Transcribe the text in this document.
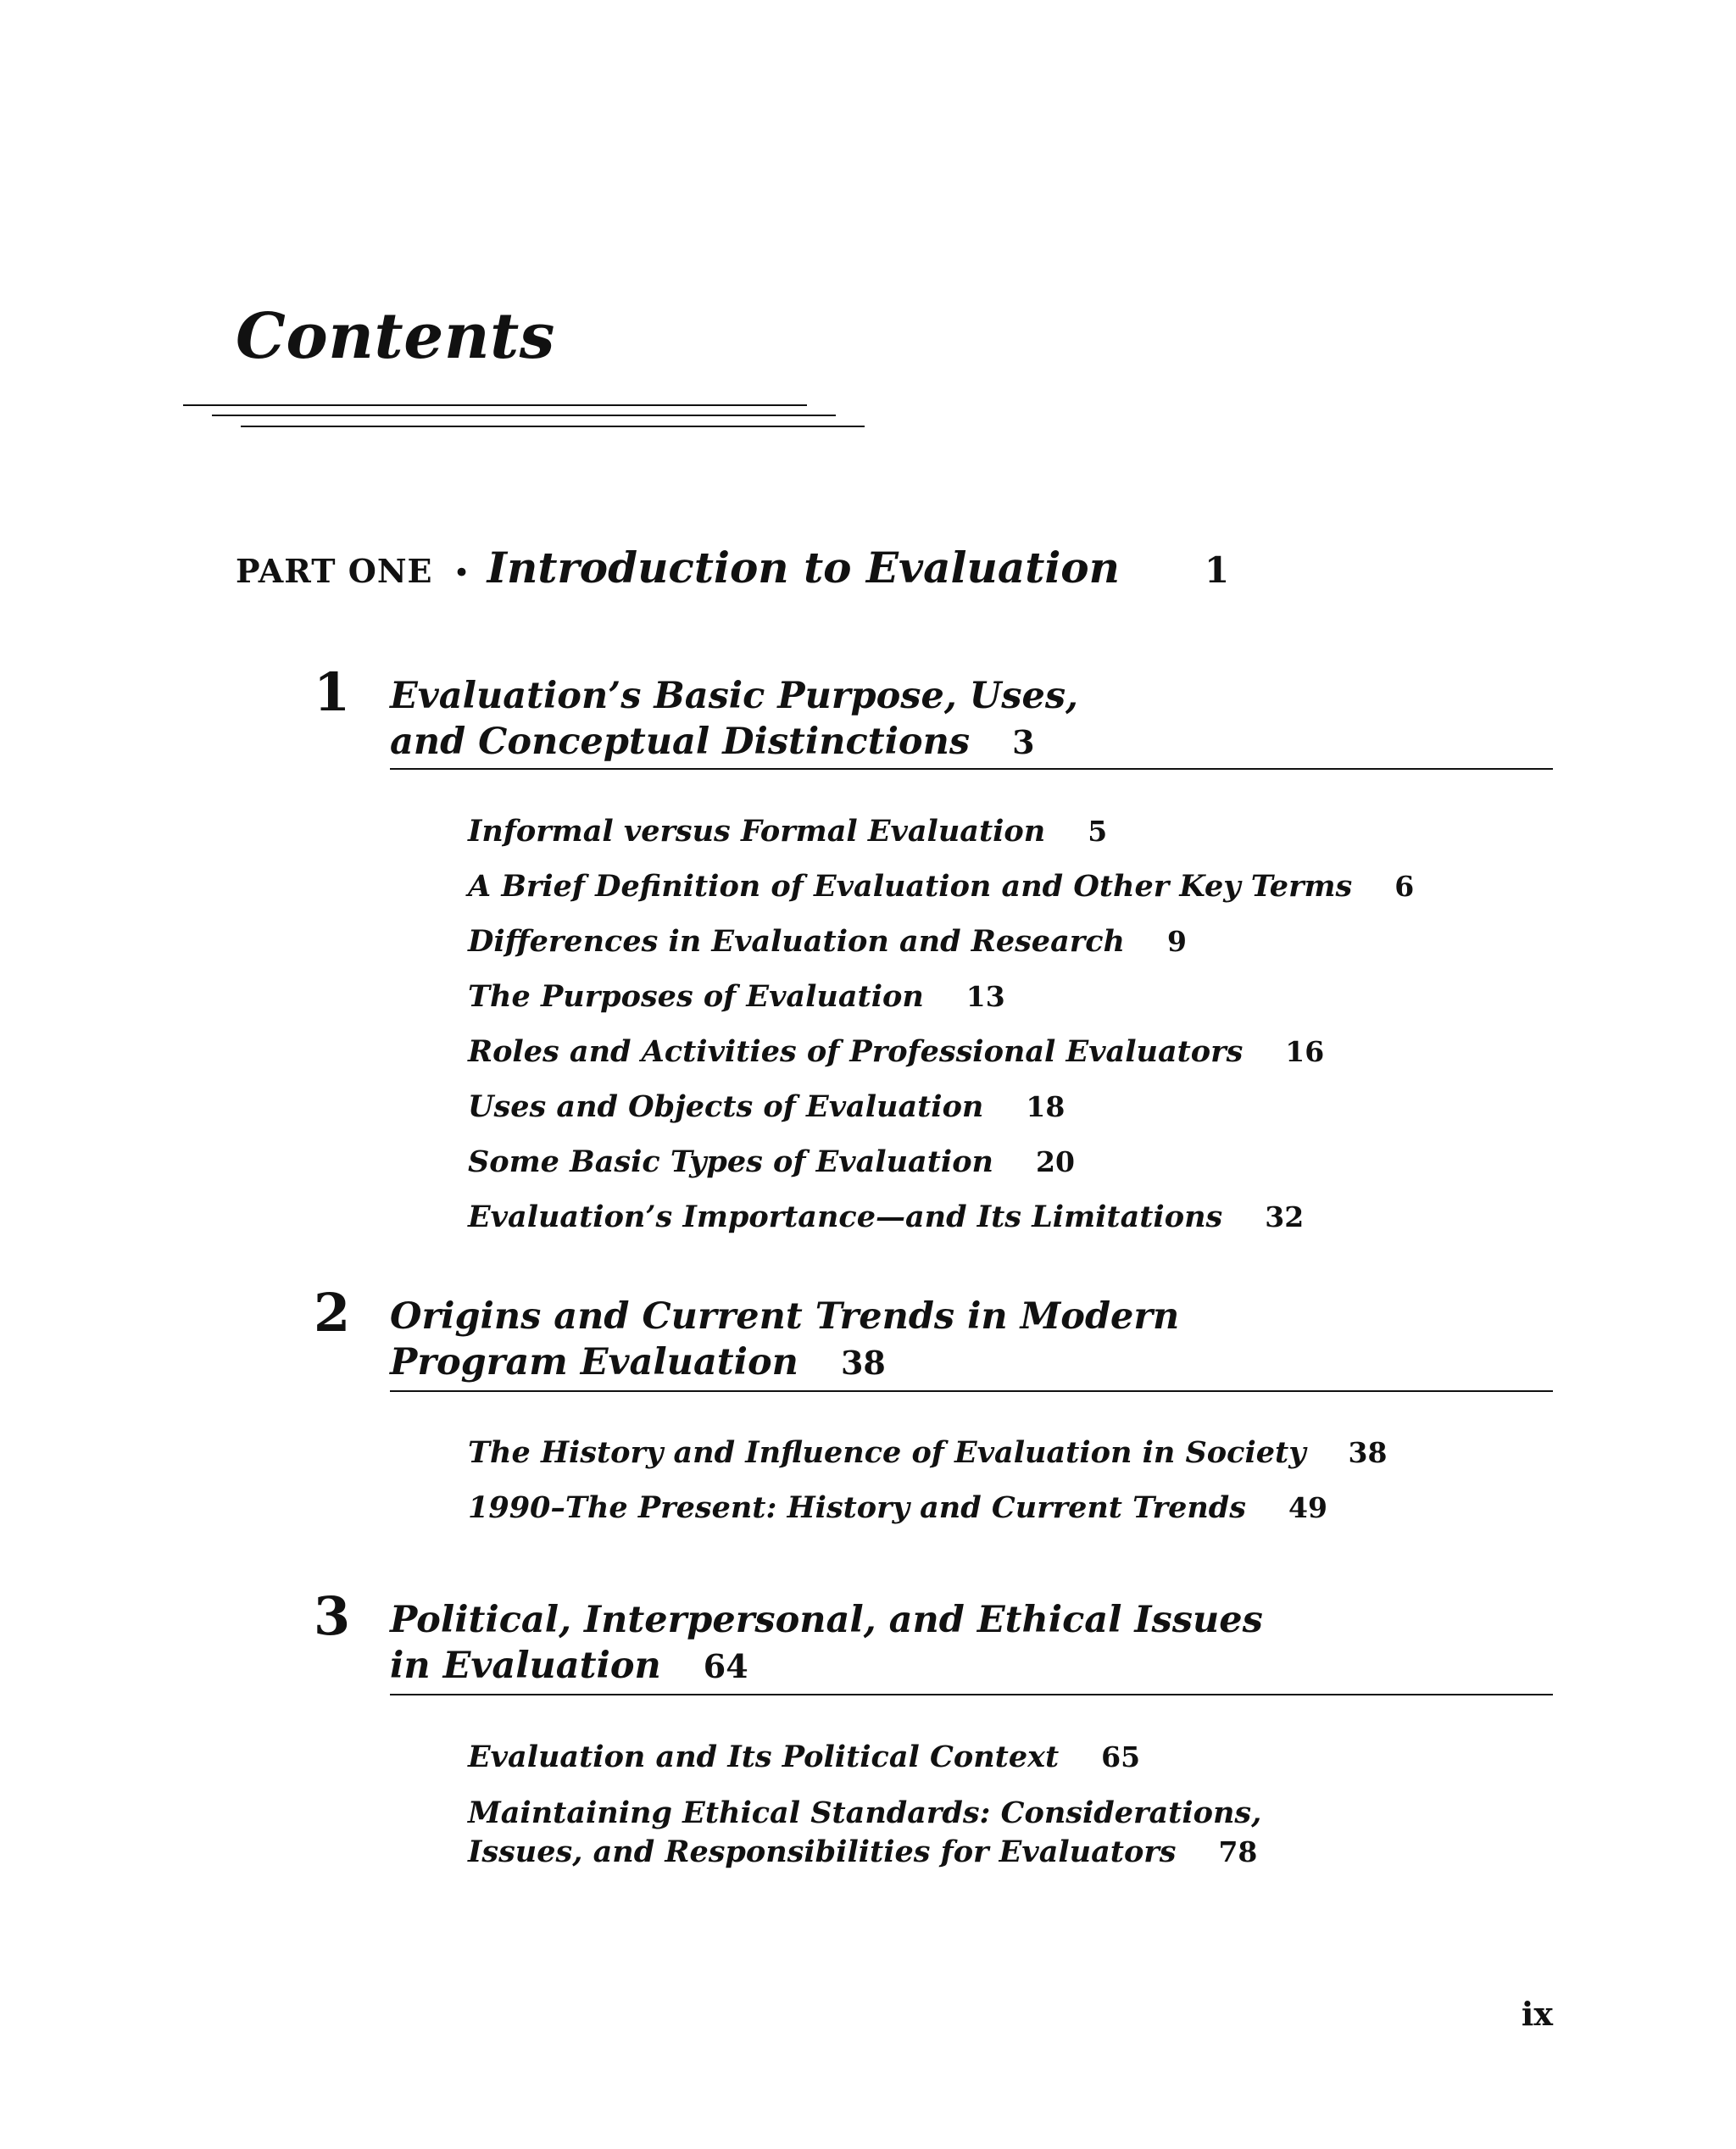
Contents
PART ONE • Introduction to Evaluation 1
1 Evaluation’s Basic Purpose, Uses,
and Conceptual Distinctions 3
Informal versus Formal Evaluation 5
A Brief Definition of Evaluation and Other Key Terms 6
Differences in Evaluation and Research 9
The Purposes of Evaluation 13
Roles and Activities of Professional Evaluators 16
Uses and Objects of Evaluation 18
Some Basic Types of Evaluation 20
Evaluation’s Importance—and Its Limitations 32
2 Origins and Current Trends in Modern
Program Evaluation 38
The History and Influence of Evaluation in Society 38
1990–The Present: History and Current Trends 49
3 Political, Interpersonal, and Ethical Issues
in Evaluation 64
Evaluation and Its Political Context 65
Maintaining Ethical Standards: Considerations,
Issues, and Responsibilities for Evaluators 78
ix
